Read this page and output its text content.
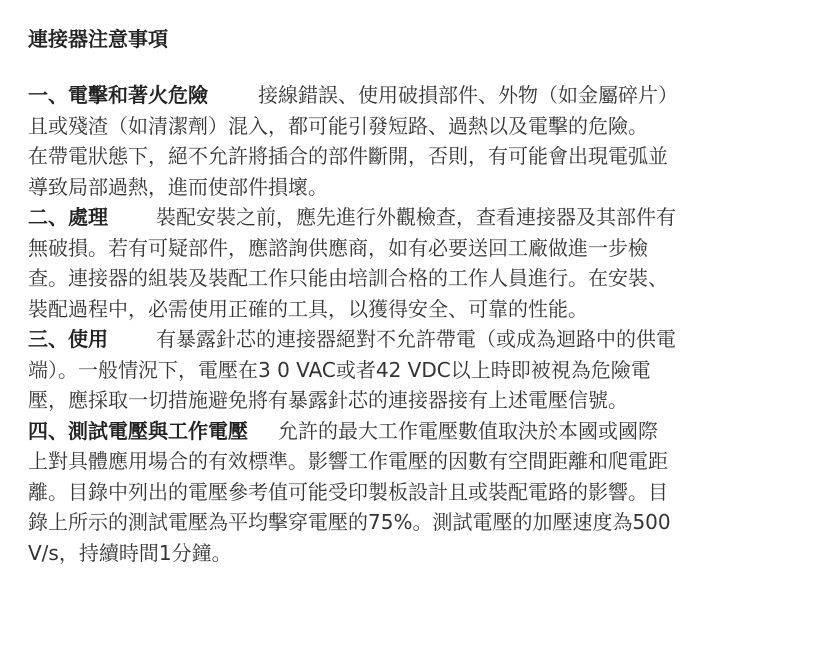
連接器注意事項
一、電擊和著火危險	接線錯誤、使用破損部件、外物（如金屬碎片）
且或殘渣（如清潔劑）混入，都可能引發短路、過熱以及電擊的危險。
在帶電狀態下，絕不允許將插合的部件斷開，否則，有可能會出現電弧並
導致局部過熱，進而使部件損壞。
二、處理 裝配安裝之前，應先進行外觀檢查，查看連接器及其部件有
無破損。若有可疑部件，應諮詢供應商，如有必要送回工廠做進一步檢
查。連接器的組裝及裝配工作只能由培訓合格的工作人員進行。在安裝、
裝配過程中，必需使用正確的工具，以獲得安全、可靠的性能。
三、使用 有暴露針芯的連接器絕對不允許帶電（或成為迴路中的供電
端）。一般情況下，電壓在3 0 VAC或者42 VDC以上時即被視為危險電
壓，應採取一切措施避免將有暴露針芯的連接器接有上述電壓信號。
四、測試電壓與工作電壓 允許的最大工作電壓數值取決於本國或國際
上對具體應用場合的有效標準。影響工作電壓的因數有空間距離和爬電距
離。目錄中列出的電壓參考值可能受印製板設計且或裝配電路的影響。目
錄上所示的測試電壓為平均擊穿電壓的75%。測試電壓的加壓速度為500
V/s，持續時間1分鐘。
